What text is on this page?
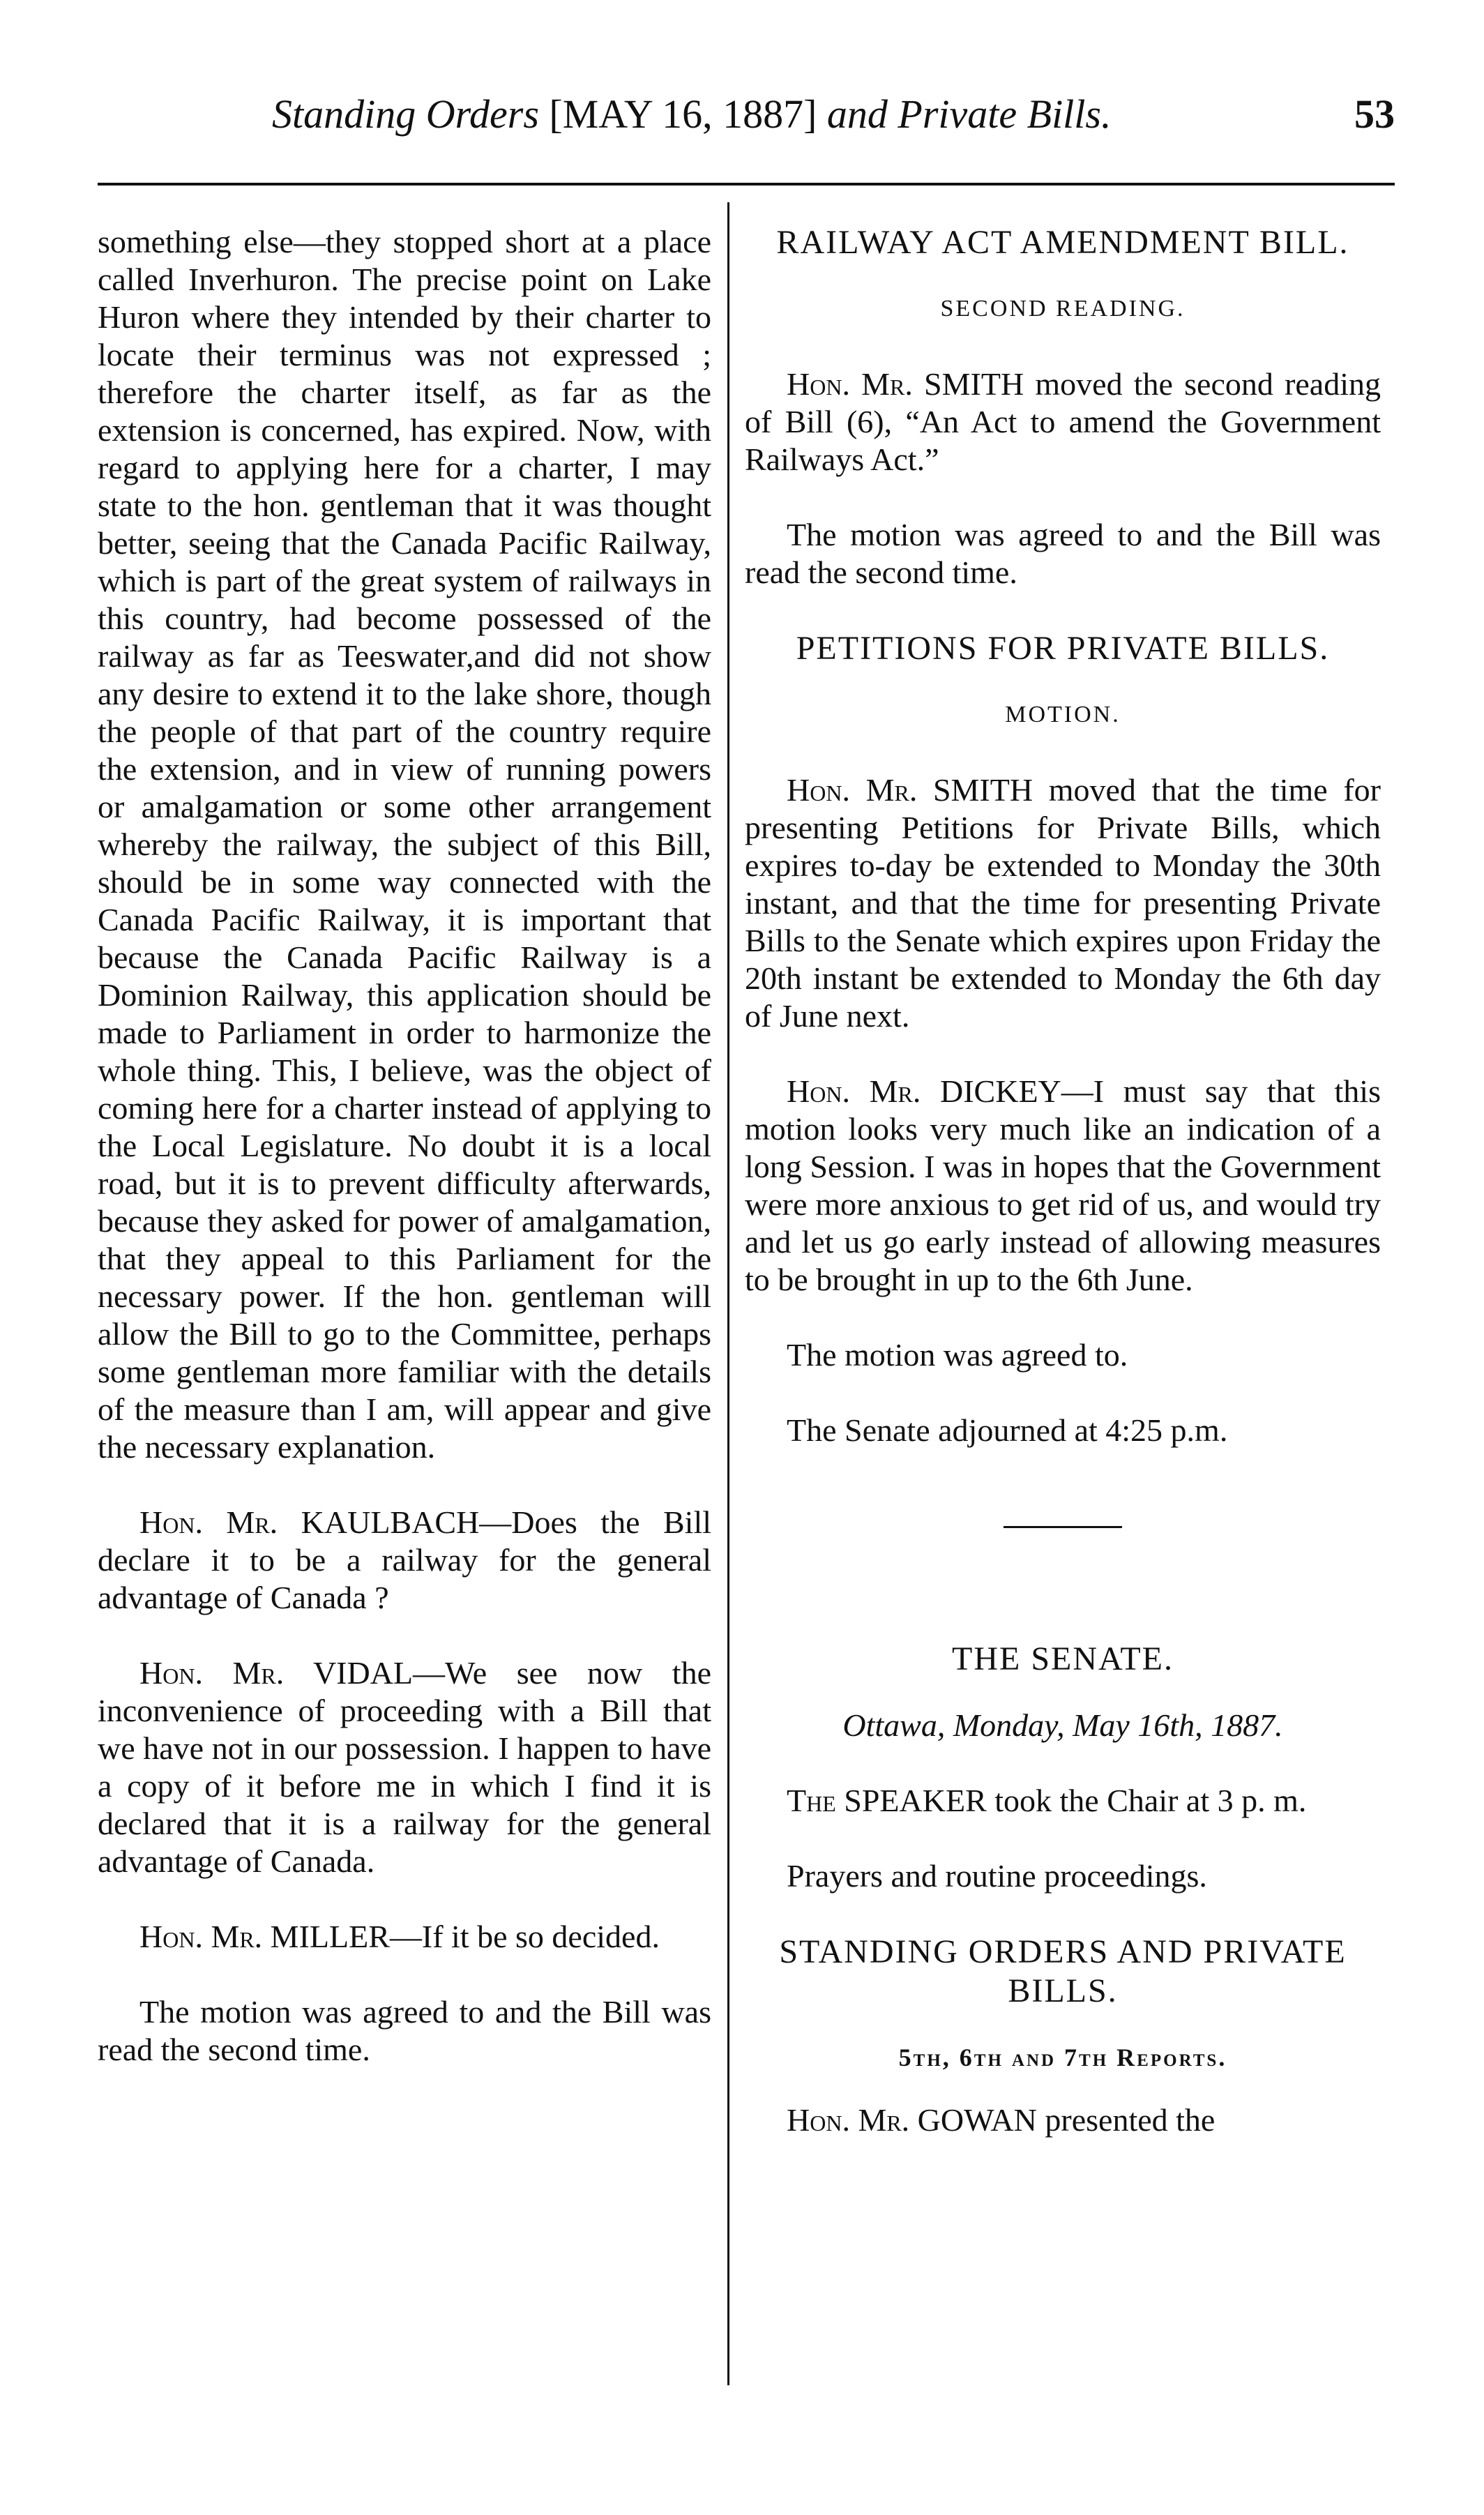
Standing Orders [MAY 16, 1887] and Private Bills.	53

something else—they stopped short at a place called Inverhuron. The precise point on Lake Huron where they intended by their charter to locate their terminus was not expressed ; therefore the charter itself, as far as the extension is concerned, has expired. Now, with regard to applying here for a charter, I may state to the hon. gentleman that it was thought better, seeing that the Canada Pacific Railway, which is part of the great system of railways in this country, had become possessed of the railway as far as Teeswater,and did not show any desire to extend it to the lake shore, though the people of that part of the country require the extension, and in view of running powers or amalgamation or some other arrangement whereby the railway, the subject of this Bill, should be in some way connected with the Canada Pacific Railway, it is important that because the Canada Pacific Railway is a Dominion Railway, this application should be made to Parliament in order to harmonize the whole thing. This, I believe, was the object of coming here for a charter instead of applying to the Local Legislature. No doubt it is a local road, but it is to prevent difficulty afterwards, because they asked for power of amalgamation, that they appeal to this Parliament for the necessary power. If the hon. gentleman will allow the Bill to go to the Committee, perhaps some gentleman more familiar with the details of the measure than I am, will appear and give the necessary explanation.

Hon. Mr. KAULBACH—Does the Bill declare it to be a railway for the general advantage of Canada ?

Hon. Mr. VIDAL—We see now the inconvenience of proceeding with a Bill that we have not in our possession. I happen to have a copy of it before me in which I find it is declared that it is a railway for the general advantage of Canada.

Hon. Mr. MILLER—If it be so decided.

The motion was agreed to and the Bill was read the second time.

RAILWAY ACT AMENDMENT BILL.
SECOND READING.

Hon. Mr. SMITH moved the second reading of Bill (6), “An Act to amend the Government Railways Act.”

The motion was agreed to and the Bill was read the second time.

PETITIONS FOR PRIVATE BILLS.
MOTION.

Hon. Mr. SMITH moved that the time for presenting Petitions for Private Bills, which expires to-day be extended to Monday the 30th instant, and that the time for presenting Private Bills to the Senate which expires upon Friday the 20th instant be extended to Monday the 6th day of June next.

Hon. Mr. DICKEY—I must say that this motion looks very much like an indication of a long Session. I was in hopes that the Government were more anxious to get rid of us, and would try and let us go early instead of allowing measures to be brought in up to the 6th June.

The motion was agreed to.

The Senate adjourned at 4:25 p.m.

THE SENATE.
Ottawa, Monday, May 16th, 1887.

The SPEAKER took the Chair at 3 p. m.

Prayers and routine proceedings.

STANDING ORDERS AND PRIVATE BILLS.
5th, 6th and 7th Reports.

Hon. Mr. GOWAN presented the
